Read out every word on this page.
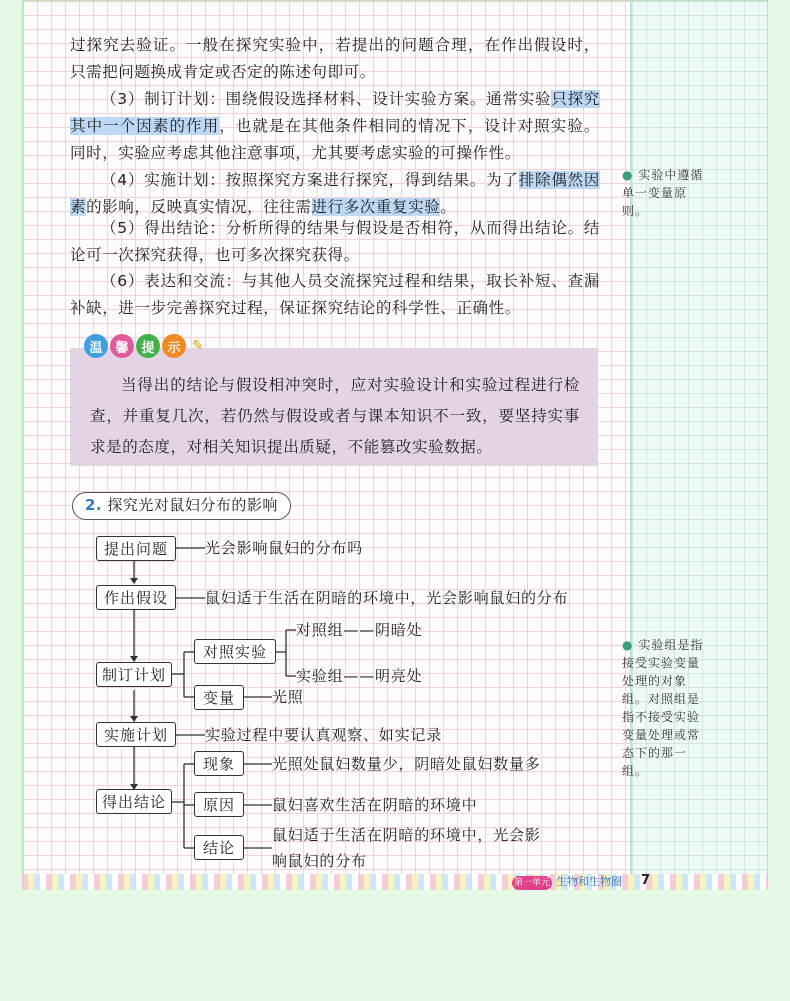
过探究去验证。一般在探究实验中，若提出的问题合理，在作出假设时，只需把问题换成肯定或否定的陈述句即可。
（3）制订计划：围绕假设选择材料、设计实验方案。通常实验只探究其中一个因素的作用，也就是在其他条件相同的情况下，设计对照实验。同时，实验应考虑其他注意事项，尤其要考虑实验的可操作性。
（4）实施计划：按照探究方案进行探究，得到结果。为了排除偶然因素的影响，反映真实情况，往往需进行多次重复实验。
（5）得出结论：分析所得的结果与假设是否相符，从而得出结论。结论可一次探究获得，也可多次探究获得。
（6）表达和交流：与其他人员交流探究过程和结果，取长补短、查漏补缺，进一步完善探究过程，保证探究结论的科学性、正确性。
● 实验中遵循单一变量原则。
● 实验组是指接受实验变量处理的对象组。对照组是指不接受实验变量处理或常态下的那一组。
温 馨 提 示 ✎
当得出的结论与假设相冲突时，应对实验设计和实验过程进行检查，并重复几次，若仍然与假设或者与课本知识不一致，要坚持实事求是的态度，对相关知识提出质疑，不能篡改实验数据。
2. 探究光对鼠妇分布的影响
提出问题	光会影响鼠妇的分布吗
作出假设	鼠妇适于生活在阴暗的环境中，光会影响鼠妇的分布
制订计划
对照实验
对照组——阴暗处
实验组——明亮处
变量	光照
实施计划	实验过程中要认真观察、如实记录
得出结论
现象	光照处鼠妇数量少，阴暗处鼠妇数量多
原因	鼠妇喜欢生活在阴暗的环境中
结论
鼠妇适于生活在阴暗的环境中，光会影
响鼠妇的分布
第一单元 生物和生物圈 7
